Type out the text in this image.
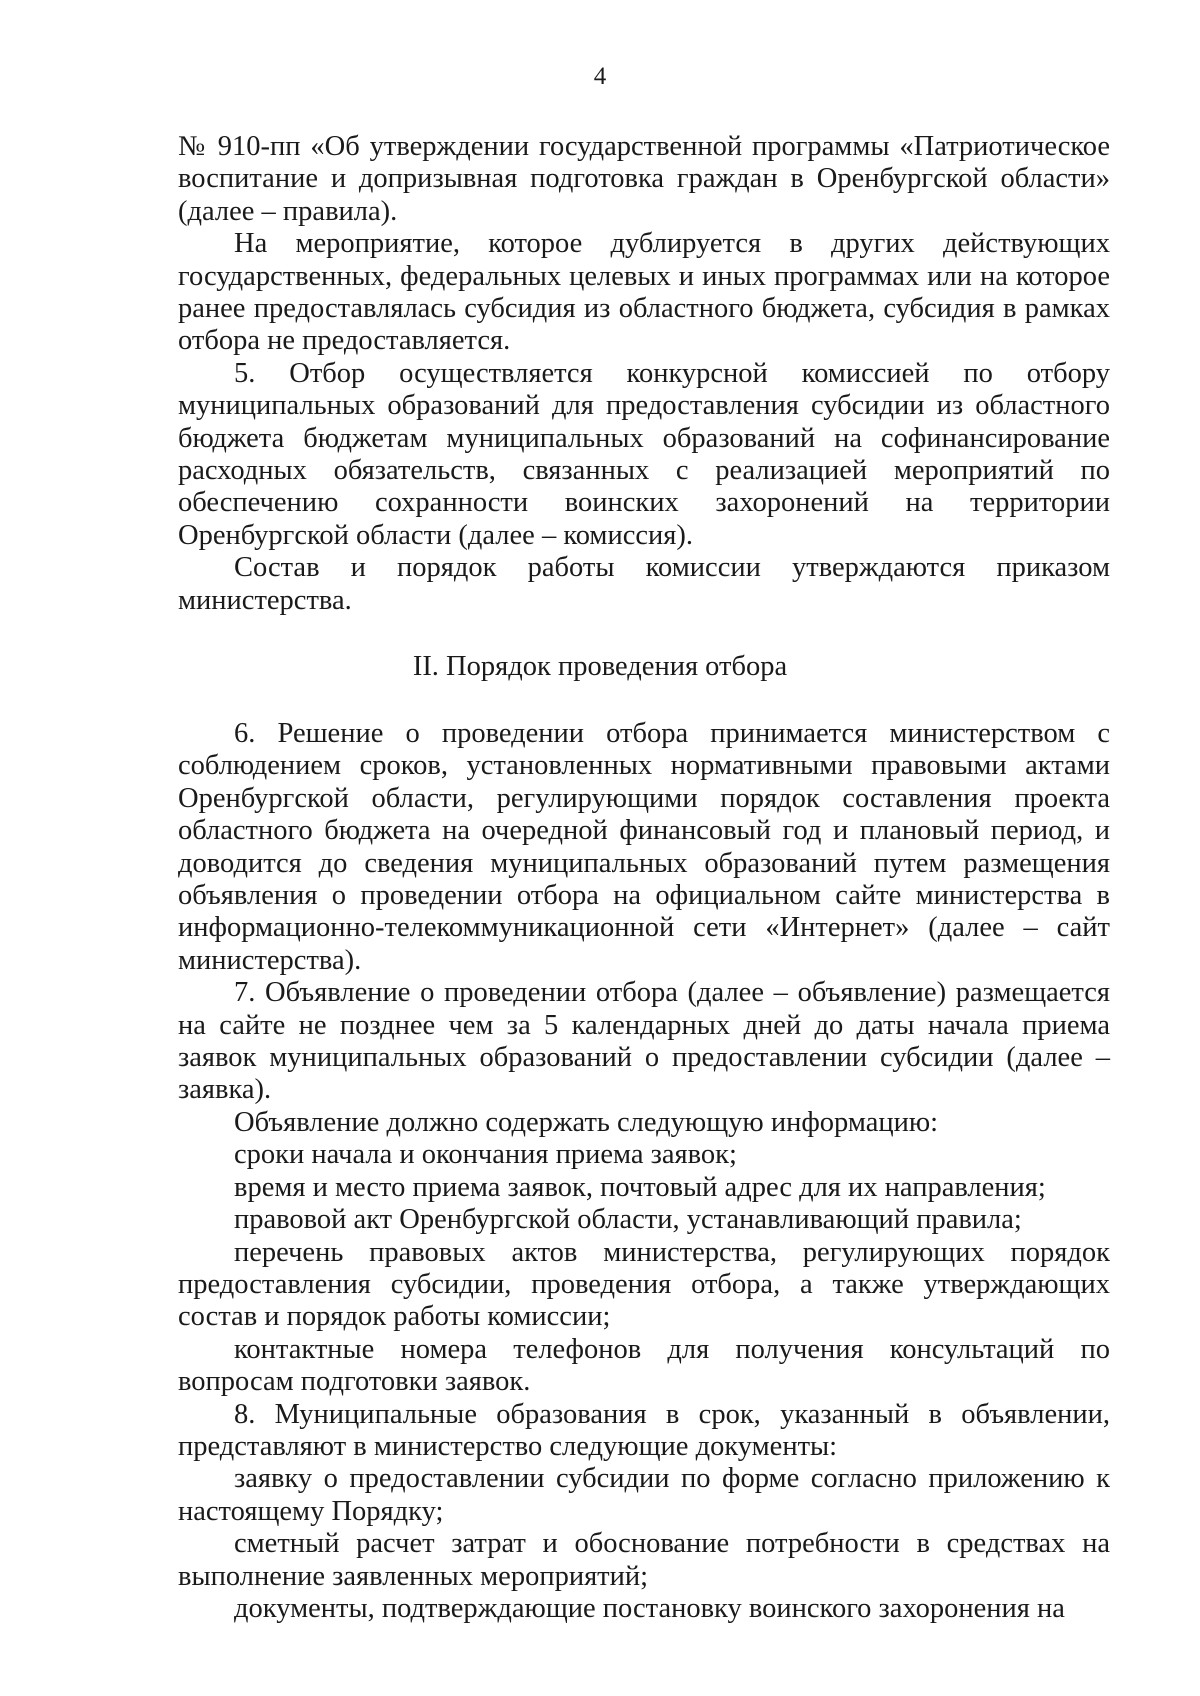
4

№ 910-пп «Об утверждении государственной программы «Патриотическое воспитание и допризывная подготовка граждан в Оренбургской области» (далее – правила).

На мероприятие, которое дублируется в других действующих государственных, федеральных целевых и иных программах или на которое ранее предоставлялась субсидия из областного бюджета, субсидия в рамках отбора не предоставляется.

5. Отбор осуществляется конкурсной комиссией по отбору муниципальных образований для предоставления субсидии из областного бюджета бюджетам муниципальных образований на софинансирование расходных обязательств, связанных с реализацией мероприятий по обеспечению сохранности воинских захоронений на территории Оренбургской области (далее – комиссия).

Состав и порядок работы комиссии утверждаются приказом министерства.

II. Порядок проведения отбора

6. Решение о проведении отбора принимается министерством с соблюдением сроков, установленных нормативными правовыми актами Оренбургской области, регулирующими порядок составления проекта областного бюджета на очередной финансовый год и плановый период, и доводится до сведения муниципальных образований путем размещения объявления о проведении отбора на официальном сайте министерства в информационно-телекоммуникационной сети «Интернет» (далее – сайт министерства).

7. Объявление о проведении отбора (далее – объявление) размещается на сайте не позднее чем за 5 календарных дней до даты начала приема заявок муниципальных образований о предоставлении субсидии (далее – заявка).

Объявление должно содержать следующую информацию:

сроки начала и окончания приема заявок;

время и место приема заявок, почтовый адрес для их направления;

правовой акт Оренбургской области, устанавливающий правила;

перечень правовых актов министерства, регулирующих порядок предоставления субсидии, проведения отбора, а также утверждающих состав и порядок работы комиссии;

контактные номера телефонов для получения консультаций по вопросам подготовки заявок.

8. Муниципальные образования в срок, указанный в объявлении, представляют в министерство следующие документы:

заявку о предоставлении субсидии по форме согласно приложению к настоящему Порядку;

сметный расчет затрат и обоснование потребности в средствах на выполнение заявленных мероприятий;

документы, подтверждающие постановку воинского захоронения на
